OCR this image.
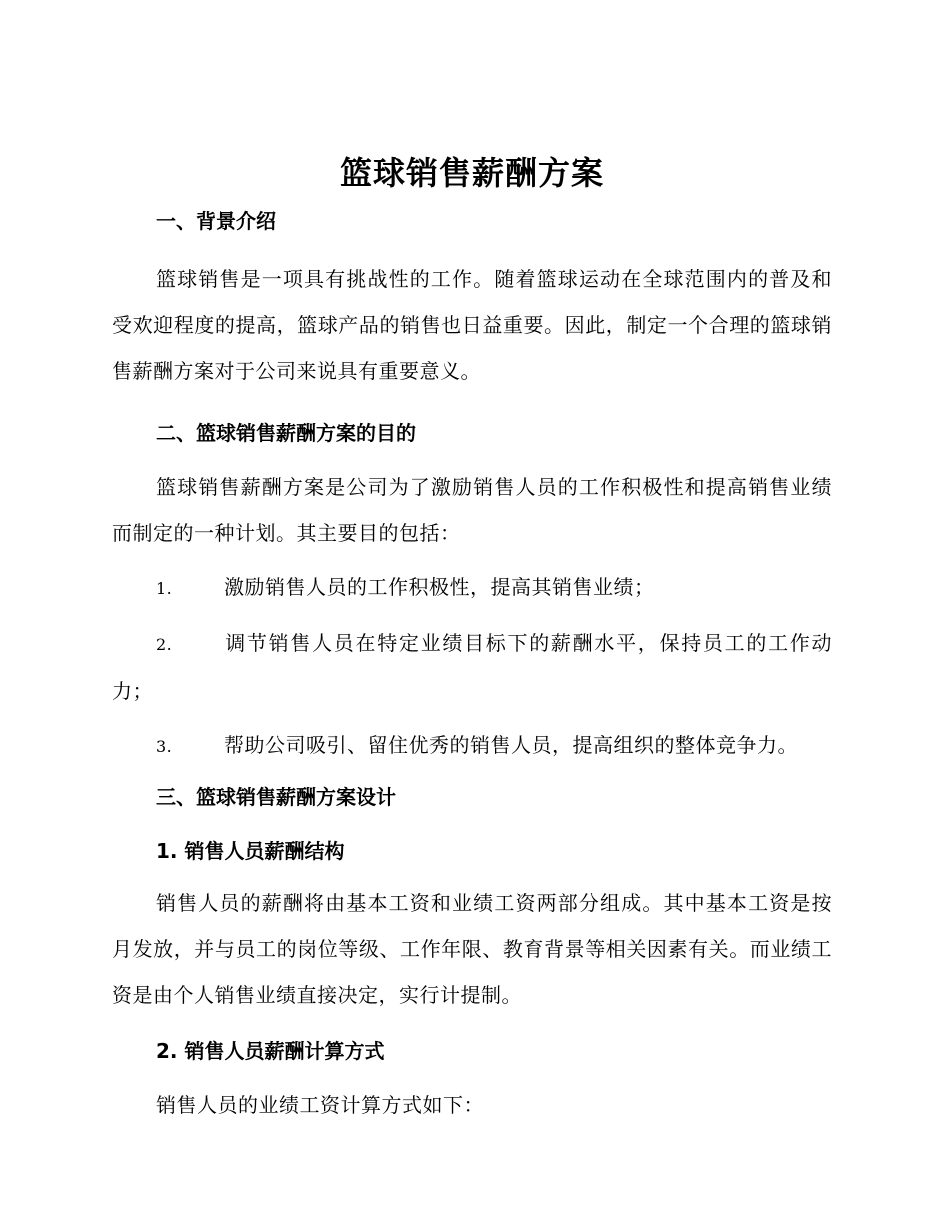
篮球销售薪酬方案
一、背景介绍

篮球销售是一项具有挑战性的工作。随着篮球运动在全球范围内的普及和受欢迎程度的提高，篮球产品的销售也日益重要。因此，制定一个合理的篮球销售薪酬方案对于公司来说具有重要意义。

二、篮球销售薪酬方案的目的

篮球销售薪酬方案是公司为了激励销售人员的工作积极性和提高销售业绩而制定的一种计划。其主要目的包括：

1.	激励销售人员的工作积极性，提高其销售业绩；

2.	调节销售人员在特定业绩目标下的薪酬水平，保持员工的工作动力；

3.	帮助公司吸引、留住优秀的销售人员，提高组织的整体竞争力。

三、篮球销售薪酬方案设计
1. 销售人员薪酬结构

销售人员的薪酬将由基本工资和业绩工资两部分组成。其中基本工资是按月发放，并与员工的岗位等级、工作年限、教育背景等相关因素有关。而业绩工资是由个人销售业绩直接决定，实行计提制。

2. 销售人员薪酬计算方式

销售人员的业绩工资计算方式如下：
